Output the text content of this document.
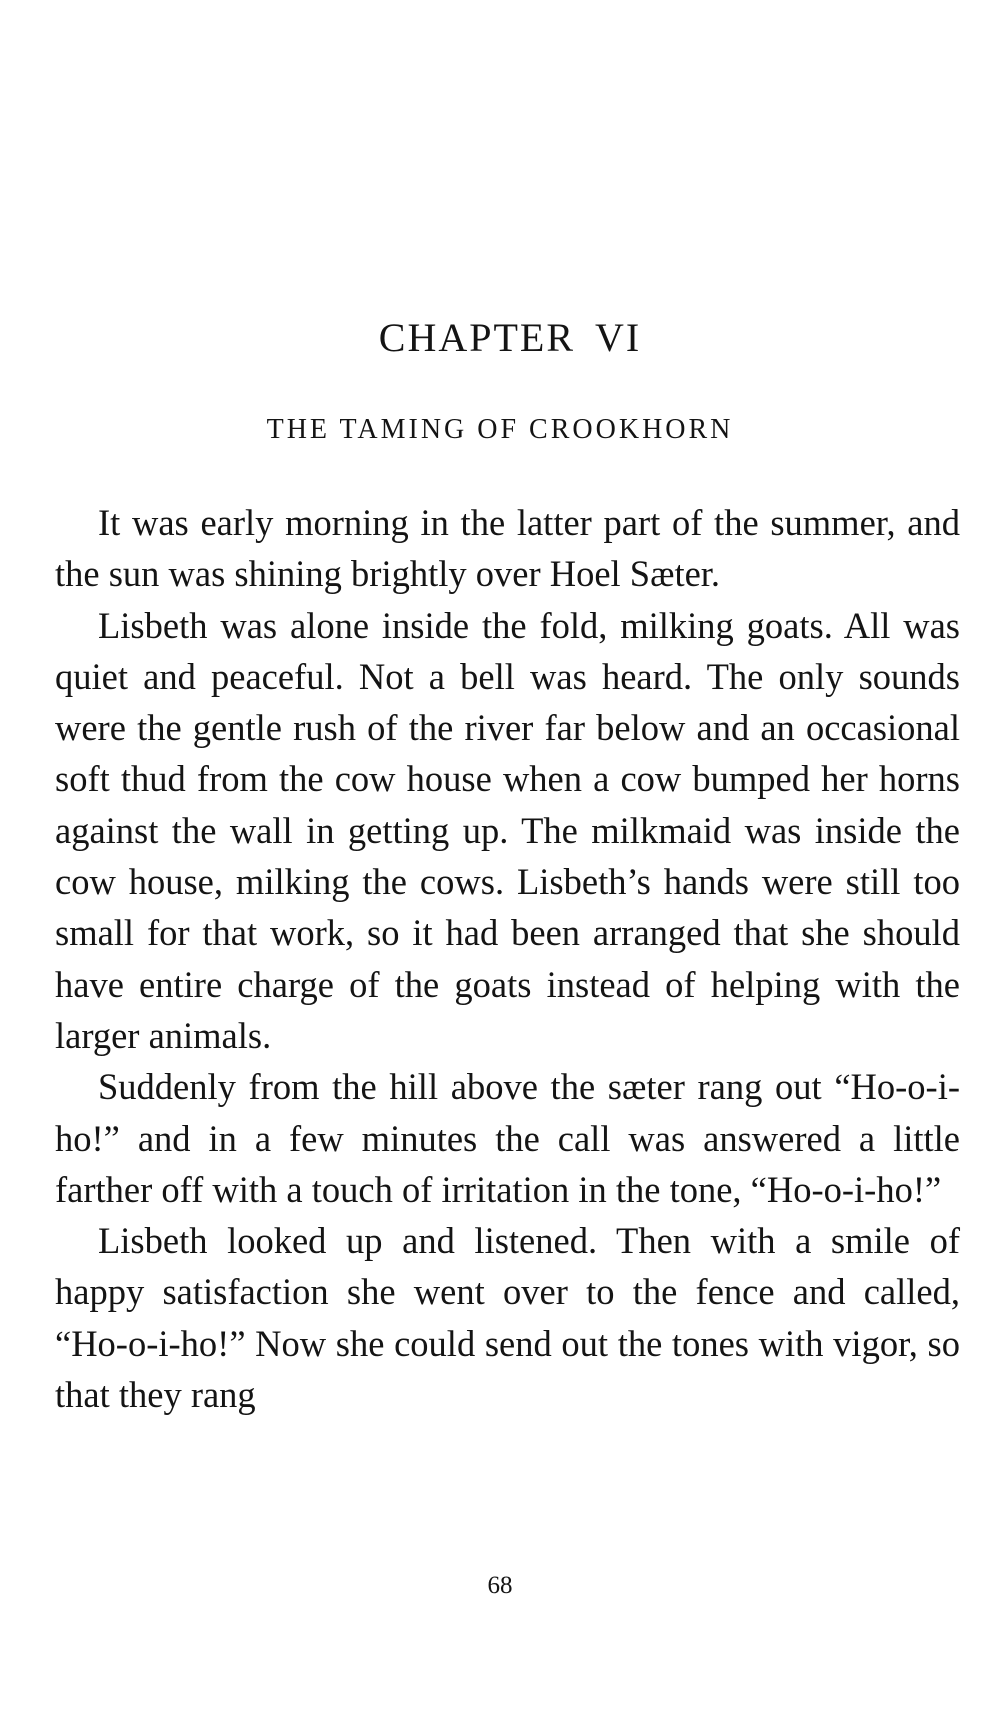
CHAPTER VI
THE TAMING OF CROOKHORN

It was early morning in the latter part of the summer, and the sun was shining brightly over Hoel Sæter.

Lisbeth was alone inside the fold, milking goats. All was quiet and peaceful. Not a bell was heard. The only sounds were the gentle rush of the river far below and an occasional soft thud from the cow house when a cow bumped her horns against the wall in getting up. The milkmaid was inside the cow house, milking the cows. Lisbeth’s hands were still too small for that work, so it had been arranged that she should have entire charge of the goats instead of helping with the larger animals.

Suddenly from the hill above the sæter rang out “Ho-o-i-ho!” and in a few minutes the call was answered a little farther off with a touch of irritation in the tone, “Ho-o-i-ho!”

Lisbeth looked up and listened. Then with a smile of happy satisfaction she went over to the fence and called, “Ho-o-i-ho!” Now she could send out the tones with vigor, so that they rang

68
